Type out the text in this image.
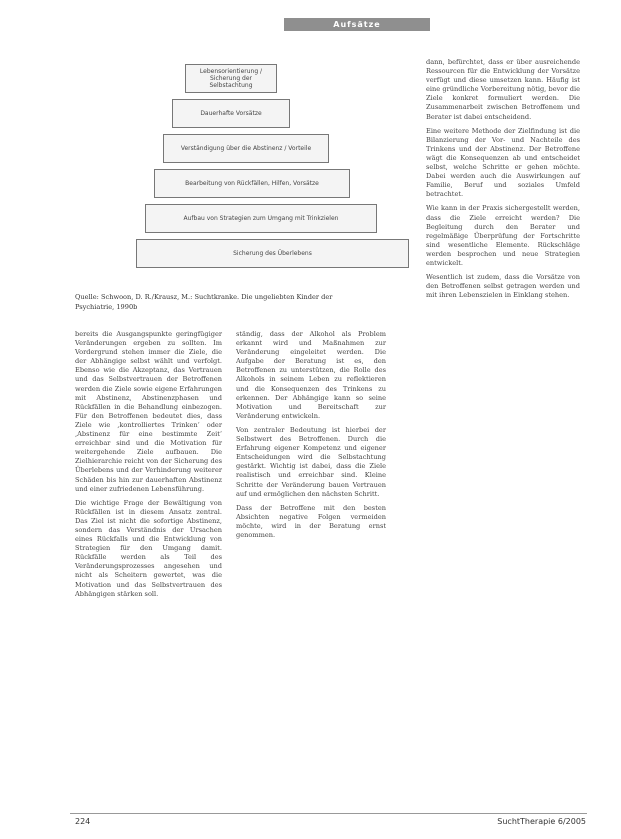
Aufsätze
Lebensorientierung / Sicherung der Selbstachtung
Dauerhafte Vorsätze
Verständigung über die Abstinenz / Vorteile
Bearbeitung von Rückfällen, Hilfen, Vorsätze
Aufbau von Strategien zum Umgang mit Trinkzielen
Sicherung des Überlebens
Quelle: Schwoon, D. R./Krausz, M.: Suchtkranke. Die ungeliebten Kinder der Psychiatrie, 1990b

bereits die Ausgangspunkte geringfügiger Veränderungen ergeben zu sollten. Im Vordergrund stehen immer die Ziele, die der Abhängige selbst wählt und verfolgt. Ebenso wie die Akzeptanz, das Vertrauen und das Selbstvertrauen der Betroffenen werden die Ziele sowie eigene Erfahrungen mit Abstinenz, Abstinenzphasen und Rückfällen in die Behandlung einbezogen. Für den Betroffenen bedeutet dies, dass Ziele wie ‚kontrolliertes Trinken‘ oder ‚Abstinenz für eine bestimmte Zeit‘ erreichbar sind und die Motivation für weitergehende Ziele aufbauen. Die Zielhierarchie reicht von der Sicherung des Überlebens und der Verhinderung weiterer Schäden bis hin zur dauerhaften Abstinenz und einer zufriedenen Lebensführung.

Die wichtige Frage der Bewältigung von Rückfällen ist in diesem Ansatz zentral. Das Ziel ist nicht die sofortige Abstinenz, sondern das Verständnis der Ursachen eines Rückfalls und die Entwicklung von Strategien für den Umgang damit. Rückfälle werden als Teil des Veränderungsprozesses angesehen und nicht als Scheitern gewertet, was die Motivation und das Selbstvertrauen des Abhängigen stärken soll.

ständig, dass der Alkohol als Problem erkannt wird und Maßnahmen zur Veränderung eingeleitet werden. Die Aufgabe der Beratung ist es, den Betroffenen zu unterstützen, die Rolle des Alkohols in seinem Leben zu reflektieren und die Konsequenzen des Trinkens zu erkennen. Der Abhängige kann so seine Motivation und Bereitschaft zur Veränderung entwickeln.

Von zentraler Bedeutung ist hierbei der Selbstwert des Betroffenen. Durch die Erfahrung eigener Kompetenz und eigener Entscheidungen wird die Selbstachtung gestärkt. Wichtig ist dabei, dass die Ziele realistisch und erreichbar sind. Kleine Schritte der Veränderung bauen Vertrauen auf und ermöglichen den nächsten Schritt.

Dass der Betroffene mit den besten Absichten negative Folgen vermeiden möchte, wird in der Beratung ernst genommen.

dann, befürchtet, dass er über ausreichende Ressourcen für die Entwicklung der Vorsätze verfügt und diese umsetzen kann. Häufig ist eine gründliche Vorbereitung nötig, bevor die Ziele konkret formuliert werden. Die Zusammenarbeit zwischen Betroffenem und Berater ist dabei entscheidend.

Eine weitere Methode der Zielfindung ist die Bilanzierung der Vor- und Nachteile des Trinkens und der Abstinenz. Der Betroffene wägt die Konsequenzen ab und entscheidet selbst, welche Schritte er gehen möchte. Dabei werden auch die Auswirkungen auf Familie, Beruf und soziales Umfeld betrachtet.

Wie kann in der Praxis sichergestellt werden, dass die Ziele erreicht werden? Die Begleitung durch den Berater und regelmäßige Überprüfung der Fortschritte sind wesentliche Elemente. Rückschläge werden besprochen und neue Strategien entwickelt.

Wesentlich ist zudem, dass die Vorsätze von den Betroffenen selbst getragen werden und mit ihren Lebenszielen in Einklang stehen.

224	SuchtTherapie 6/2005
